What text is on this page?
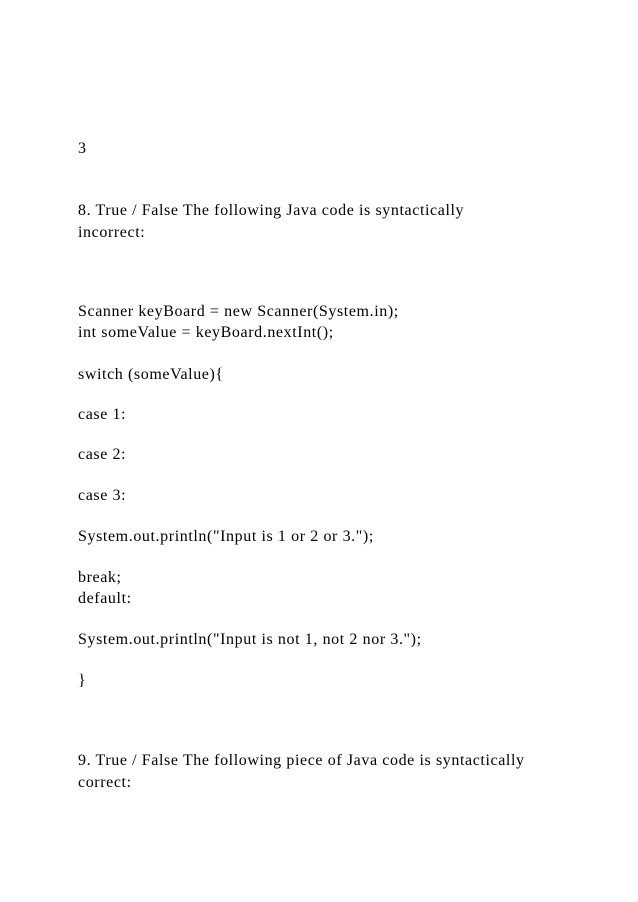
3
8. True / False The following Java code is syntactically
incorrect:
Scanner keyBoard = new Scanner(System.in);
int someValue = keyBoard.nextInt();
switch (someValue){
case 1:
case 2:
case 3:
System.out.println("Input is 1 or 2 or 3.");
break;
default:
System.out.println("Input is not 1, not 2 nor 3.");
}
9. True / False The following piece of Java code is syntactically
correct:
